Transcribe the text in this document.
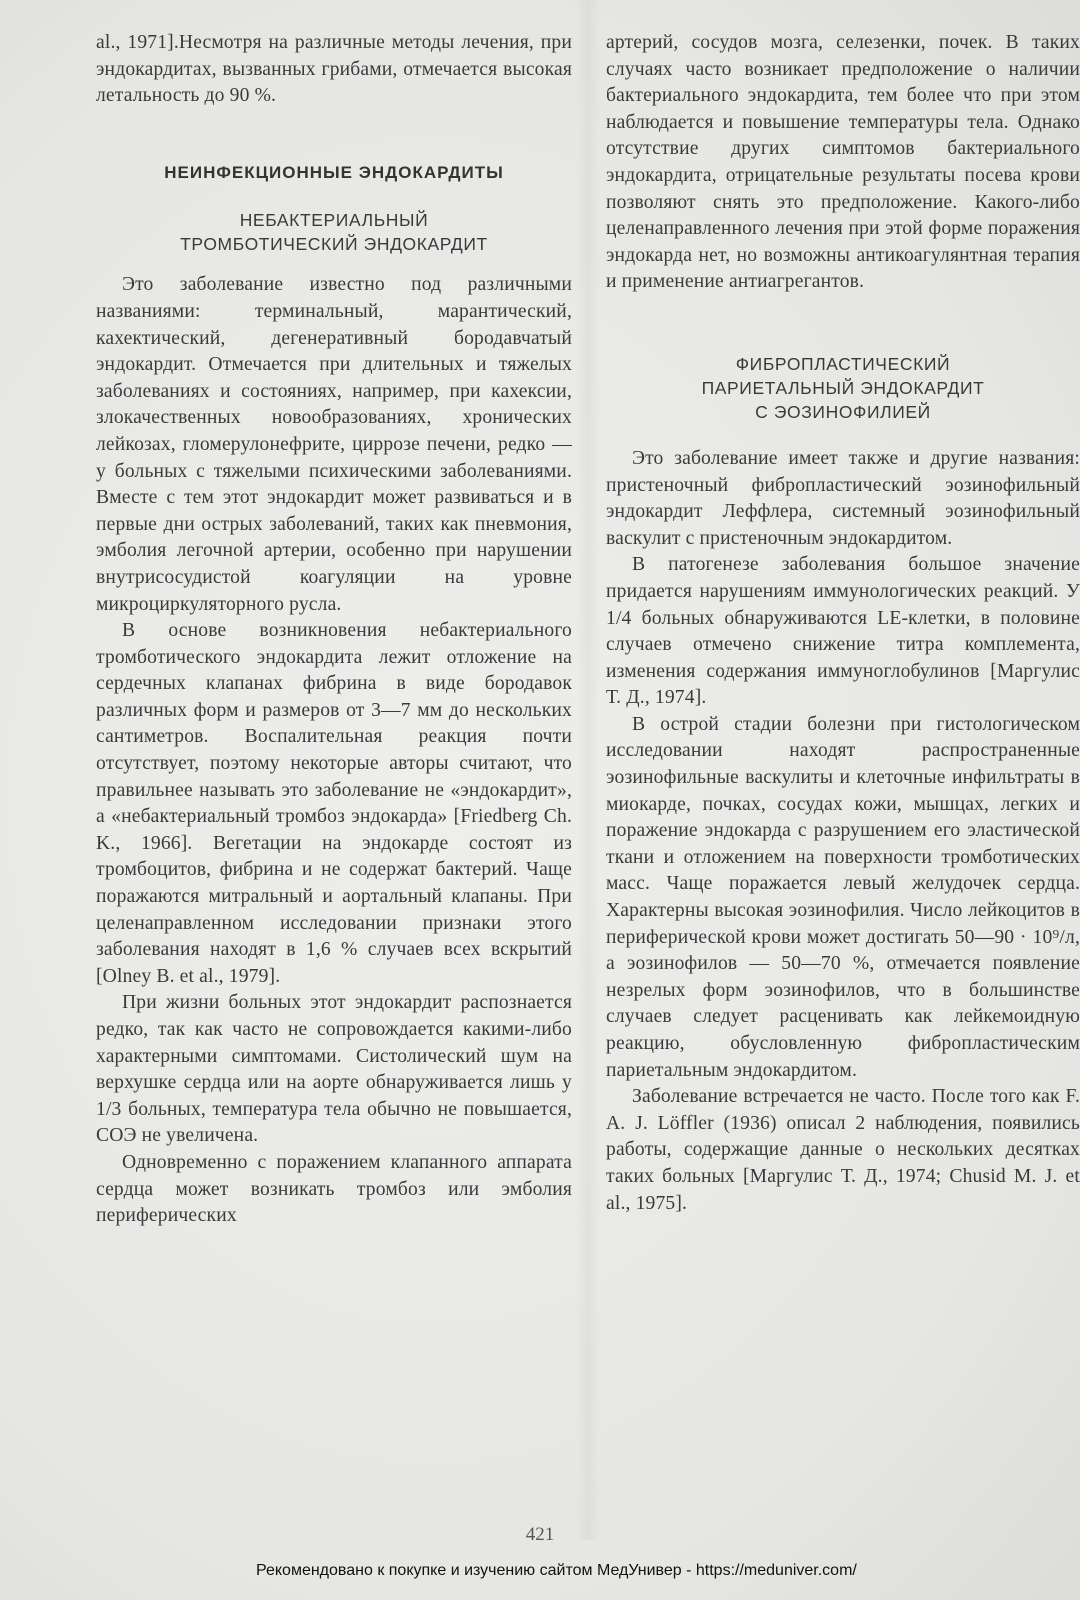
al., 1971].Несмотря на различные методы лечения, при эндокардитах, вызванных грибами, отмечается высокая летальность до 90 %.

НЕИНФЕКЦИОННЫЕ ЭНДОКАРДИТЫ
НЕБАКТЕРИАЛЬНЫЙ
ТРОМБОТИЧЕСКИЙ ЭНДОКАРДИТ

Это заболевание известно под различными названиями: терминальный, марантический, кахектический, дегенеративный бородавчатый эндокардит. Отмечается при длительных и тяжелых заболеваниях и состояниях, например, при кахексии, злокачественных новообразованиях, хронических лейкозах, гломерулонефрите, циррозе печени, редко — у больных с тяжелыми психическими заболеваниями. Вместе с тем этот эндокардит может развиваться и в первые дни острых заболеваний, таких как пневмония, эмболия легочной артерии, особенно при нарушении внутрисосудистой коагуляции на уровне микроциркуляторного русла.

В основе возникновения небактериального тромботического эндокардита лежит отложение на сердечных клапанах фибрина в виде бородавок различных форм и размеров от 3—7 мм до нескольких сантиметров. Воспалительная реакция почти отсутствует, поэтому некоторые авторы считают, что правильнее называть это заболевание не «эндокардит», а «небактериальный тромбоз эндокарда» [Friedberg Ch. K., 1966]. Вегетации на эндокарде состоят из тромбоцитов, фибрина и не содержат бактерий. Чаще поражаются митральный и аортальный клапаны. При целенаправленном исследовании признаки этого заболевания находят в 1,6 % случаев всех вскрытий [Olney B. et al., 1979].

При жизни больных этот эндокардит распознается редко, так как часто не сопровождается какими-либо характерными симптомами. Систолический шум на верхушке сердца или на аорте обнаруживается лишь у 1/3 больных, температура тела обычно не повышается, СОЭ не увеличена.

Одновременно с поражением клапанного аппарата сердца может возникать тромбоз или эмболия периферических

артерий, сосудов мозга, селезенки, почек. В таких случаях часто возникает предположение о наличии бактериального эндокардита, тем более что при этом наблюдается и повышение температуры тела. Однако отсутствие других симптомов бактериального эндокардита, отрицательные результаты посева крови позволяют снять это предположение. Какого-либо целенаправленного лечения при этой форме поражения эндокарда нет, но возможны антикоагулянтная терапия и применение антиагрегантов.

ФИБРОПЛАСТИЧЕСКИЙ
ПАРИЕТАЛЬНЫЙ ЭНДОКАРДИТ
С ЭОЗИНОФИЛИЕЙ

Это заболевание имеет также и другие названия: пристеночный фибропластический эозинофильный эндокардит Леффлера, системный эозинофильный васкулит с пристеночным эндокардитом.

В патогенезе заболевания большое значение придается нарушениям иммунологических реакций. У 1/4 больных обнаруживаются LE-клетки, в половине случаев отмечено снижение титра комплемента, изменения содержания иммуноглобулинов [Маргулис Т. Д., 1974].

В острой стадии болезни при гистологическом исследовании находят распространенные эозинофильные васкулиты и клеточные инфильтраты в миокарде, почках, сосудах кожи, мышцах, легких и поражение эндокарда с разрушением его эластической ткани и отложением на поверхности тромботических масс. Чаще поражается левый желудочек сердца. Характерны высокая эозинофилия. Число лейкоцитов в периферической крови может достигать 50—90 · 10⁹/л, а эозинофилов — 50—70 %, отмечается появление незрелых форм эозинофилов, что в большинстве случаев следует расценивать как лейкемоидную реакцию, обусловленную фибропластическим париетальным эндокардитом.

Заболевание встречается не часто. После того как F. A. J. Löffler (1936) описал 2 наблюдения, появились работы, содержащие данные о нескольких десятках таких больных [Маргулис Т. Д., 1974; Chusid M. J. et al., 1975].

421
Рекомендовано к покупке и изучению сайтом МедУнивер - https://meduniver.com/
